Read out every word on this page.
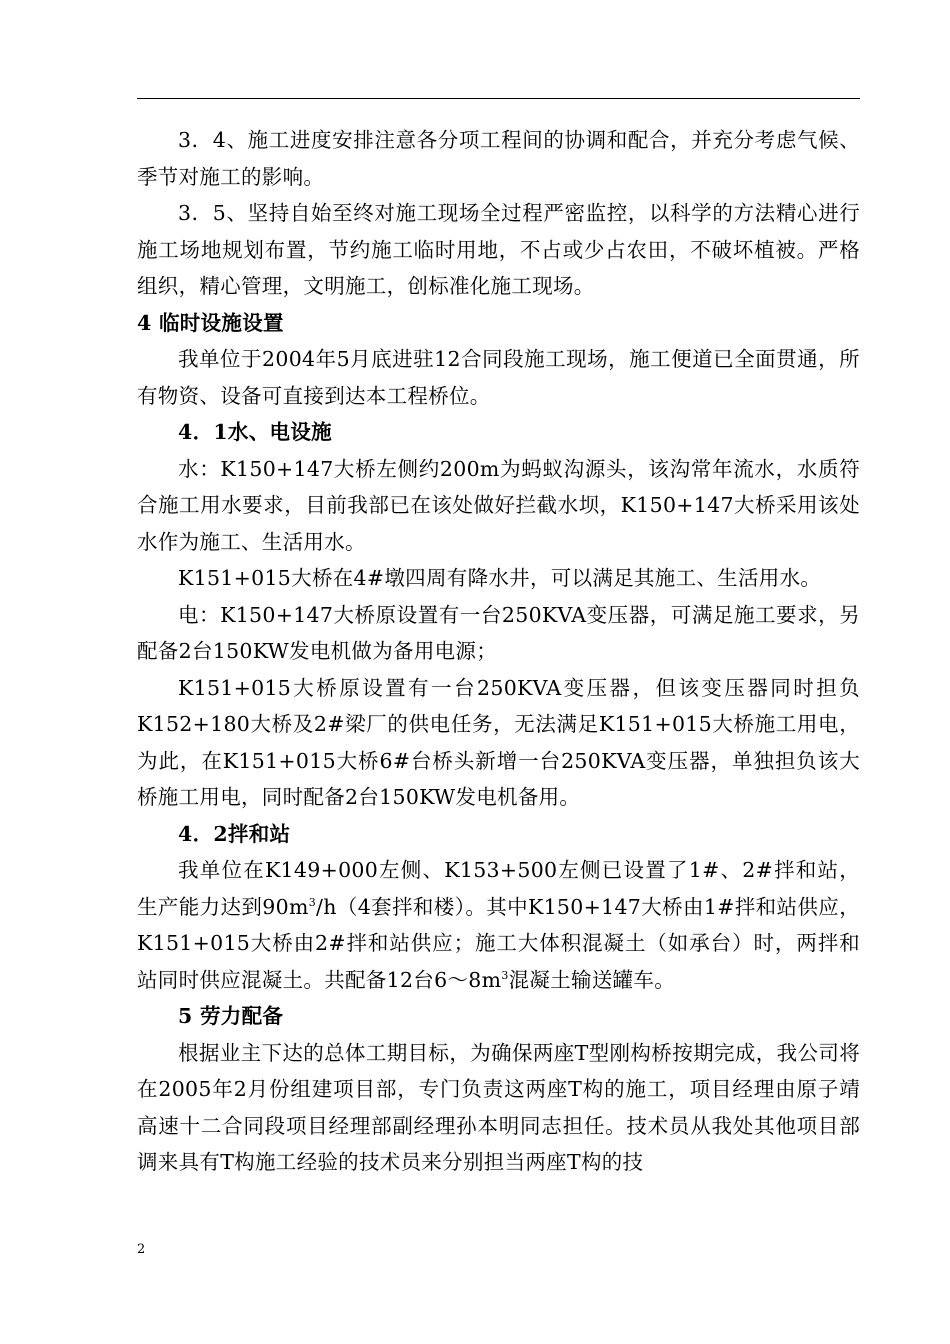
3．4、施工进度安排注意各分项工程间的协调和配合，并充分考虑气候、季节对施工的影响。

3．5、坚持自始至终对施工现场全过程严密监控，以科学的方法精心进行施工场地规划布置，节约施工临时用地，不占或少占农田，不破坏植被。严格组织，精心管理，文明施工，创标准化施工现场。

4 临时设施设置

我单位于2004年5月底进驻12合同段施工现场，施工便道已全面贯通，所有物资、设备可直接到达本工程桥位。

4．1水、电设施

水：K150+147大桥左侧约200m为蚂蚁沟源头，该沟常年流水，水质符合施工用水要求，目前我部已在该处做好拦截水坝，K150+147大桥采用该处水作为施工、生活用水。

K151+015大桥在4#墩四周有降水井，可以满足其施工、生活用水。

电：K150+147大桥原设置有一台250KVA变压器，可满足施工要求，另配备2台150KW发电机做为备用电源；

K151+015大桥原设置有一台250KVA变压器，但该变压器同时担负K152+180大桥及2#梁厂的供电任务，无法满足K151+015大桥施工用电，为此，在K151+015大桥6#台桥头新增一台250KVA变压器，单独担负该大桥施工用电，同时配备2台150KW发电机备用。

4．2拌和站

我单位在K149+000左侧、K153+500左侧已设置了1#、2#拌和站，生产能力达到$90m^3/h(4$套拌和楼）。其中K150+147大桥由1#拌和站供应，K151+015大桥由2#拌和站供应；施工大体积混凝土（如承台）时，两拌和站同时供应混凝土。共配备12台$6\sim 8m^3$混凝土输送罐车。

5 劳力配备

根据业主下达的总体工期目标，为确保两座T型刚构桥按期完成，我公司将在2005年2月份组建项目部，专门负责这两座T构的施工，项目经理由原子靖高速十二合同段项目经理部副经理孙本明同志担任。技术员从我处其他项目部调来具有T构施工经验的技术员来分别担当两座T构的技

2
